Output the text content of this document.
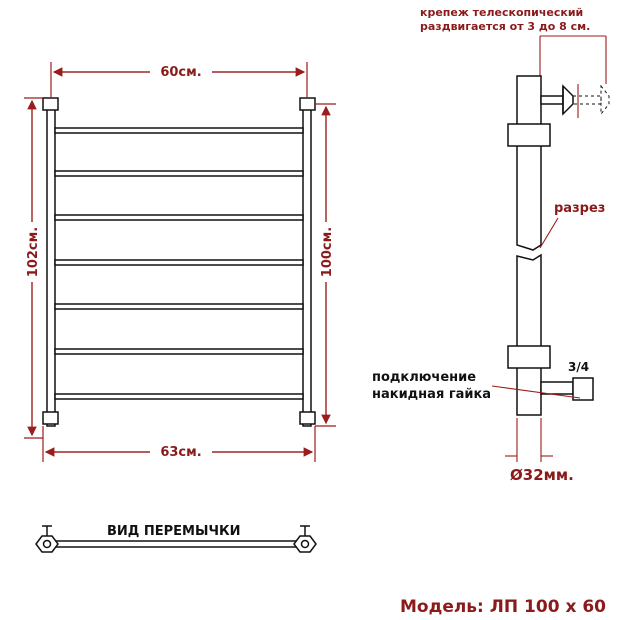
60см.
63см.
102см.	100см.
крепеж телескопический
раздвигается от 3 до 8 см.
разрез
3/4
подключение
накидная гайка
Ø32мм.
ВИД ПЕРЕМЫЧКИ
Модель: ЛП 100 х 60
